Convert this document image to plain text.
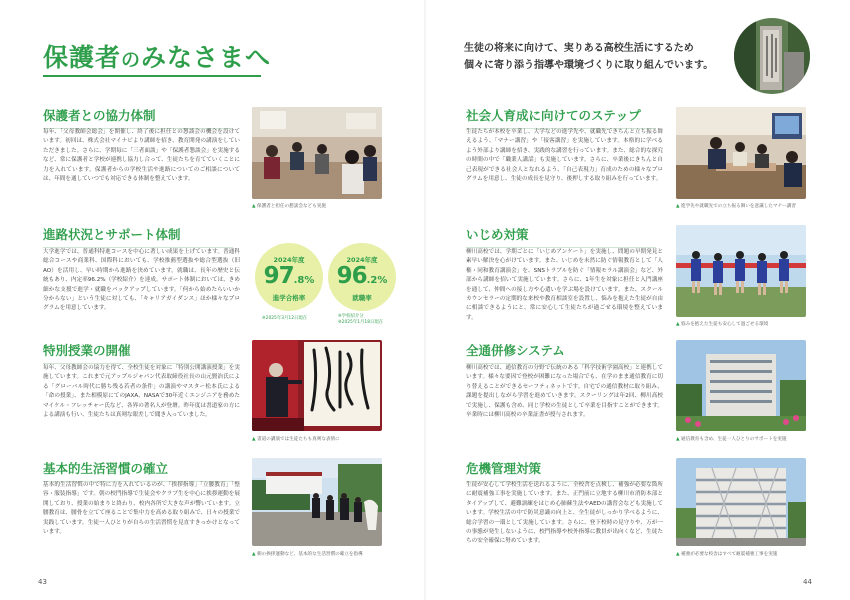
保護者のみなさまへ
保護者との協力体制
毎年、「父母教師会総会」を開催し、終了後に担任との懇談会の機会を設けています。初回は、株式会社マイナビより講師を招き、教育開発の講演をしていただきました。さらに、学期毎に「三者面談」や「保護者懇談会」を実施するなど、常に保護者と学校が連携し協力し合って、生徒たちを育てていくことに力を入れています。保護者からの学校生活や進路についてのご相談については、年間を通していつでも対応できる体制を整えています。
▲ 保護者と担任の懇談会なども実施
進路状況とサポート体制
大学進学では、普通科特進コースを中心に著しい成果を上げています。普通科総合コースや商業科、国際科においても、学校推薦型選抜や総合型選抜（旧AO）を活用し、早い時期から進路を決めています。就職は、長年の歴史と伝統もあり、内定率96.2%（学校紹介）を達成。サポート体制においては、きめ細かな支援で進学・就職をバックアップしています。「何から始めたらいいか分からない」という生徒に対しても、「キャリアガイダンス」ほか様々なプログラムを用意しています。
2024年度
97.8%
進学合格率
※2025年3月12日現在
2024年度
96.2%
就職率
※学校紹介分
※2025年1月18日現在
特別授業の開催
毎年、父母教師会の協力を得て、全校生徒を対象に「特別公開講演授業」を実施しています。これまで元アップルジャパン代表取締役社長の山元賢治氏による「グローバル時代に勝ち残る若者の条件」の講演やマスター松本氏による「命の授業」、また相模原にてのJAXA、NASAで30年近くエンジニアを務めたマイケル・フレッチャー氏など、各界の著名人が登壇。昨年度は書道家の方による講演も行い、生徒たちは真剣な眼差しで聞き入っていました。
▲ 書道の講演では生徒たちも真剣な表情に
基本的生活習慣の確立
基本的生活習慣の中で特に力を入れているのが、「挨拶指導」「立腰教育」「整容・服装指導」です。朝の校門指導で生徒会やクラブ生を中心に挨拶運動を展開しており、授業の始まりと終わり、校内各所で大きな声が響いています。立腰教育は、腰骨を立てて座ることで集中力を高める取り組みで、日々の授業で実践しています。生徒一人ひとりが自らの生活習慣を見直すきっかけとなっています。
▲ 朝の挨拶運動など、基本的な生活習慣の確立を指導
43
生徒の将来に向けて、実りある高校生活にするため
個々に寄り添う指導や環境づくりに取り組んでいます。
社会人育成に向けてのステップ
生徒たちが本校を卒業し、大学などの進学先や、就職先できちんと立ち振る舞えるよう、「マナー講習」や「接客講習」を実施しています。本格的に学べるよう外部より講師を招き、実践的な講習を行っています。また、総合的な探究の時間の中で「職業人講話」も実施しています。さらに、卒業後にきちんと自己表現ができる社会人となれるよう、「自己表現力」育成のための様々なプログラムを用意し、生徒の成長を見守り、後押しする取り組みを行っています。
▲ 進学先や就職先での立ち振る舞いを意識したマナー講習
いじめ対策
柳川高校では、学期ごとに「いじめアンケート」を実施し、問題の早期発見と素早い解決を心がけています。また、いじめを未然に防ぐ情報教育として「人権・同和教育講演会」を、SNSトラブルを防ぐ「情報モラル講演会」など、外部から講師を招いて実施しています。さらに、1年生を対象に担任と入門講座を通して、仲間への接し方や心遣いを学ぶ場を設けています。また、スクールカウンセラーの定期的な来校や教育相談室を設置し、悩みを抱えた生徒が自由に相談できるようにと、常に安心して生徒たちが過ごせる環境を整えています。
▲ 悩みを抱えた生徒も安心して過ごせる環境
全通併修システム
柳川高校では、通信教育の分野で伝統のある「科学技術学園高校」と連携しています。様々な要因で登校が困難になった場合でも、在学のまま通信教育に切り替えることができるセーフティネットです。自宅での通信教材に取り組み、課題を提出しながら学習を進めていきます。スクーリングは年2回、柳川高校で実施し、保護も含め、同じ学校の生徒として卒業を目指すことができます。卒業時には柳川高校の卒業証書が授与されます。
▲ 通信教育も含め、生徒一人ひとりのサポートを実施
危機管理対策
生徒が安心して学校生活を送れるように、全校舎を点検し、補強が必要な箇所に耐震補強工事を実施しています。また、正門前に立地する柳川市消防本部とタイアップして、避難訓練をはじめ心肺蘇生法やAEDの講習会なども実施しています。学校生活の中で防災意識の向上と、全生徒がしっかり学べるように、総合学習の一環として実施しています。さらに、登下校時の見守りや、万が一の事態が発生しないように、校門指導や校外指導に教員が出向くなど、生徒たちの安全確保に努めています。
▲ 補強が必要な校舎はすべて耐震補強工事を実施
44
